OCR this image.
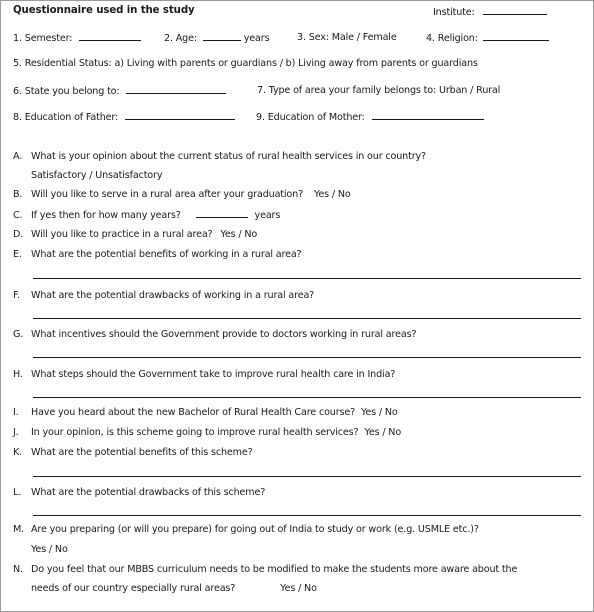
Questionnaire used in the study	Institute:
1. Semester:	2. Age:	years	3. Sex: Male / Female	4. Religion:
5. Residential Status: a) Living with parents or guardians / b) Living away from parents or guardians
6. State you belong to:	7. Type of area your family belongs to: Urban / Rural
8. Education of Father:	9. Education of Mother:
A. What is your opinion about the current status of rural health services in our country?
Satisfactory / Unsatisfactory
B. Will you like to serve in a rural area after your graduation? Yes / No
C. If yes then for how many years?	years
D. Will you like to practice in a rural area? Yes / No
E. What are the potential benefits of working in a rural area?
F. What are the potential drawbacks of working in a rural area?
G. What incentives should the Government provide to doctors working in rural areas?
H. What steps should the Government take to improve rural health care in India?
I. Have you heard about the new Bachelor of Rural Health Care course? Yes / No
J. In your opinion, is this scheme going to improve rural health services? Yes / No
K. What are the potential benefits of this scheme?
L. What are the potential drawbacks of this scheme?
M. Are you preparing (or will you prepare) for going out of India to study or work (e.g. USMLE etc.)?
Yes / No
N. Do you feel that our MBBS curriculum needs to be modified to make the students more aware about the
needs of our country especially rural areas?	Yes / No
